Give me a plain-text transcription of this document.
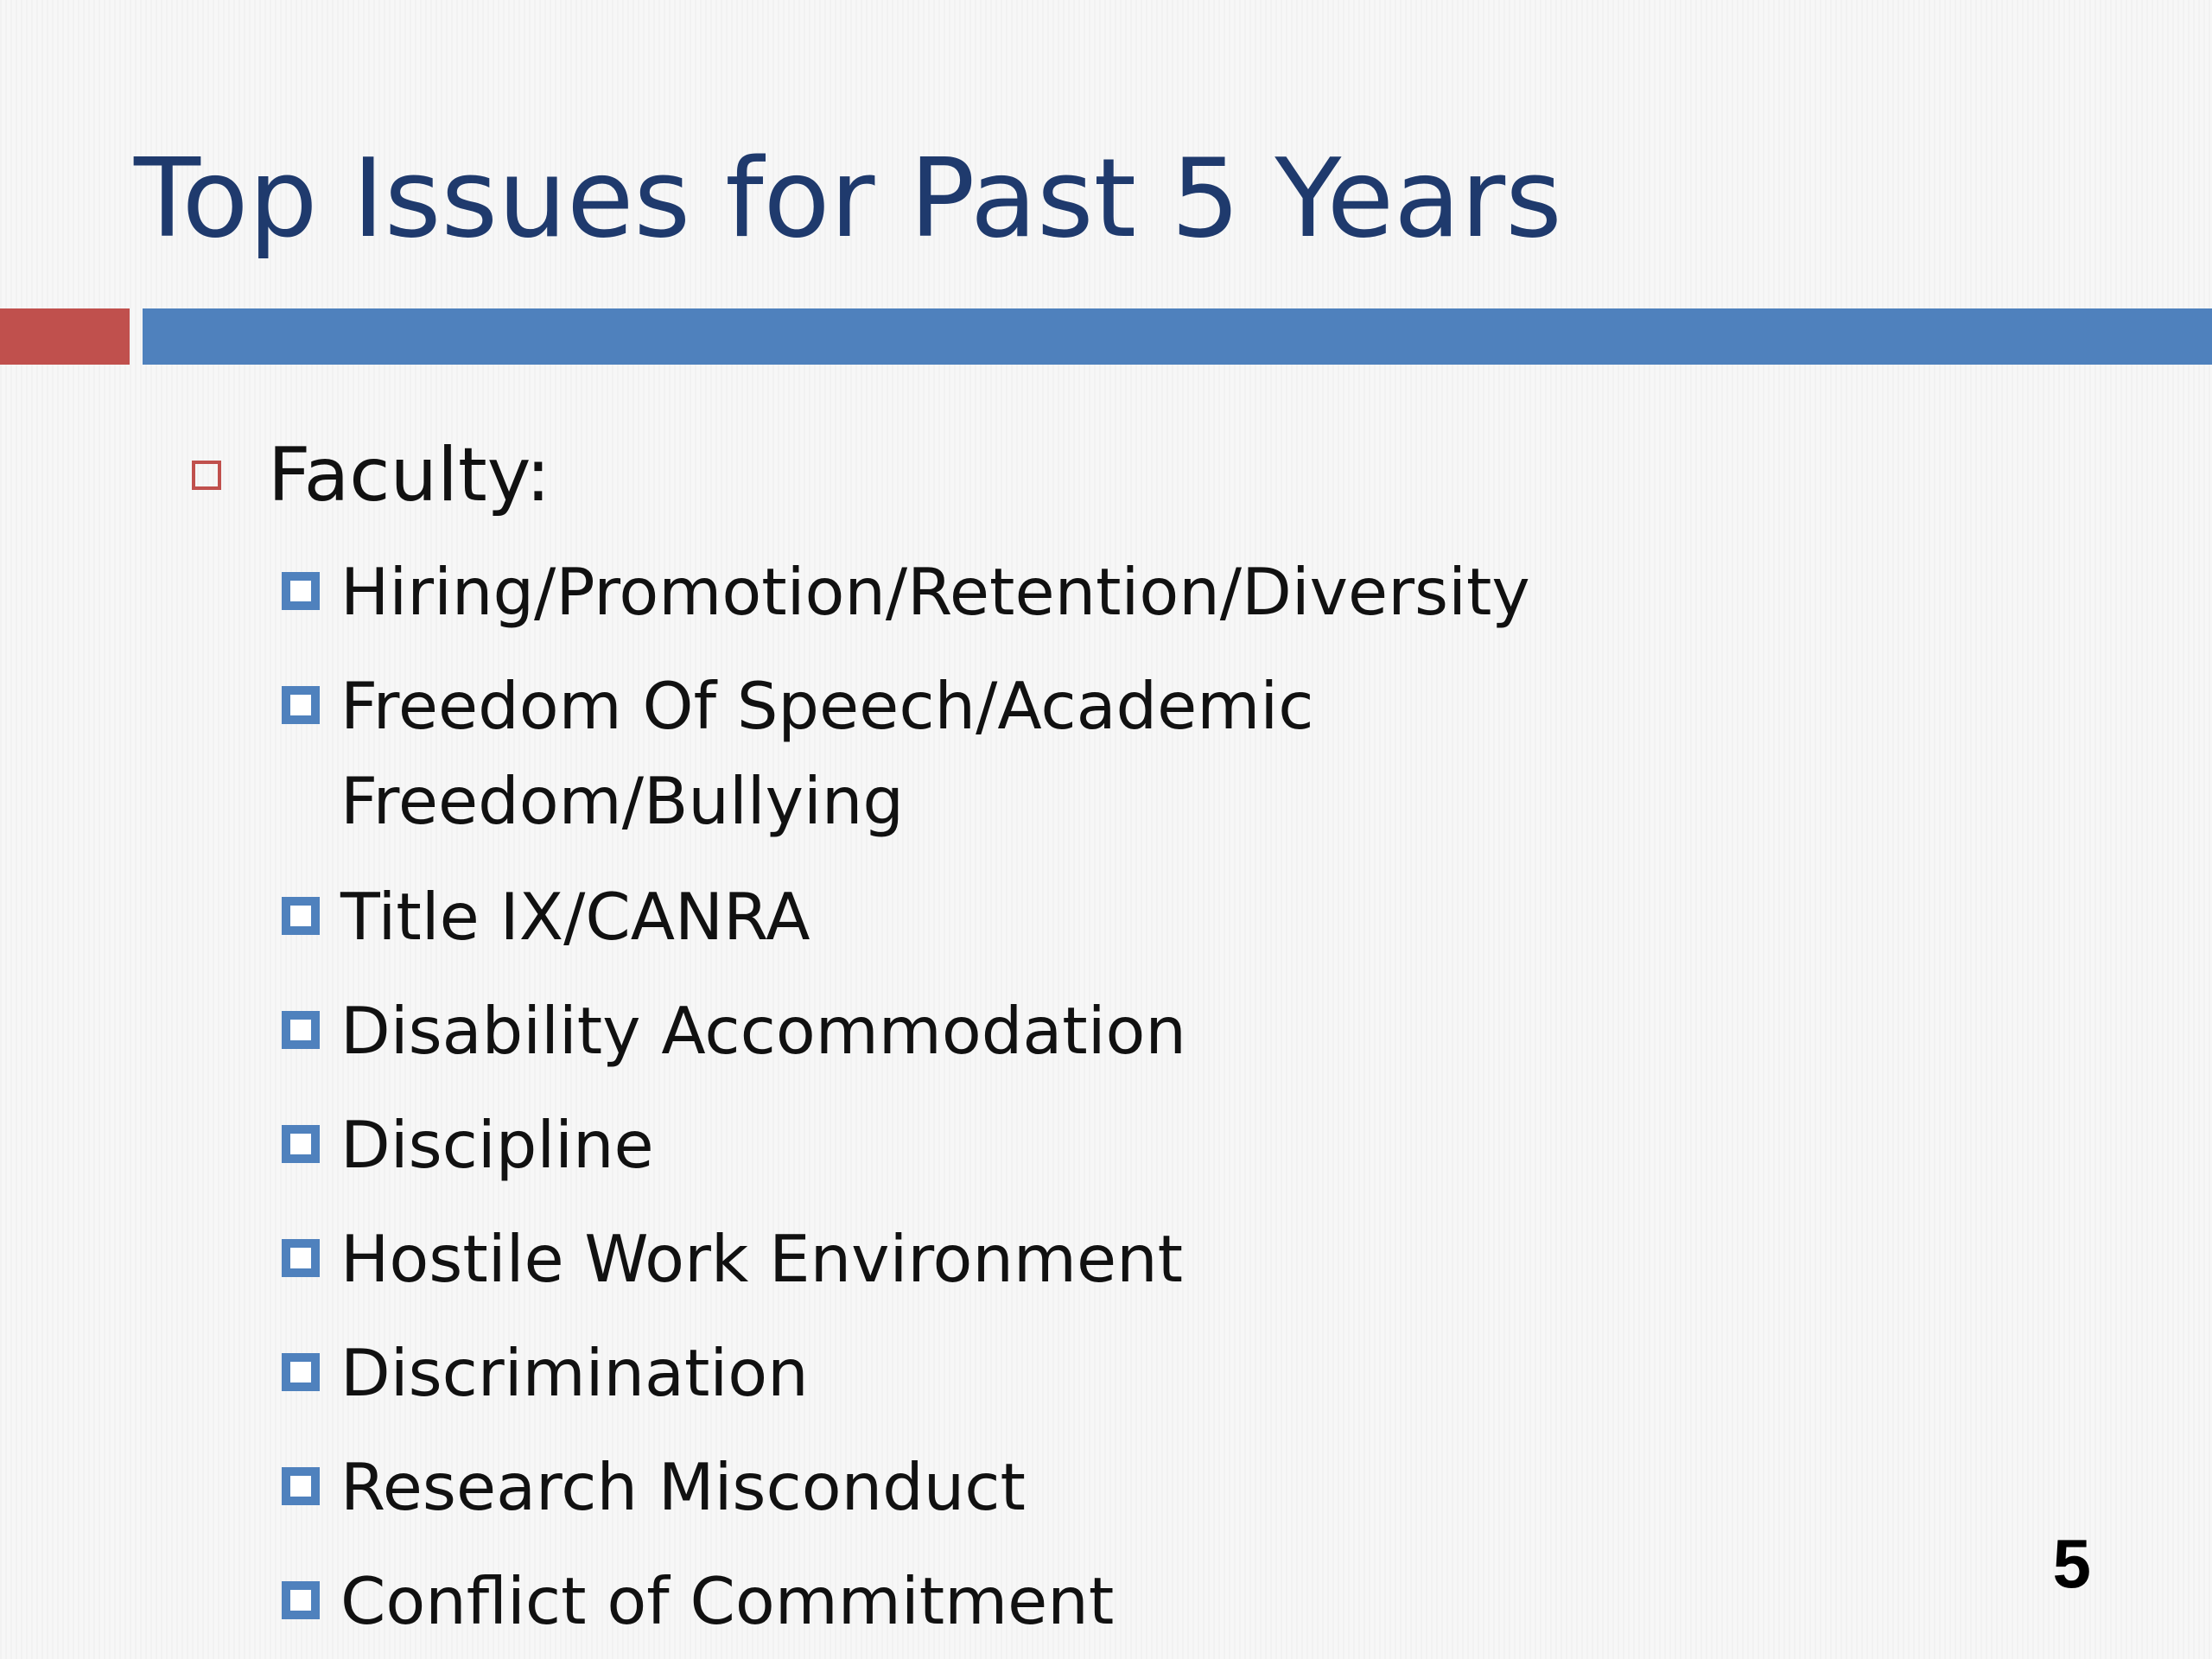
Top Issues for Past 5 Years
Faculty:
Hiring/Promotion/Retention/Diversity
Freedom Of Speech/Academic
Freedom/Bullying
Title IX/CANRA
Disability Accommodation
Discipline
Hostile Work Environment
Discrimination
Research Misconduct
Conflict of Commitment	5
